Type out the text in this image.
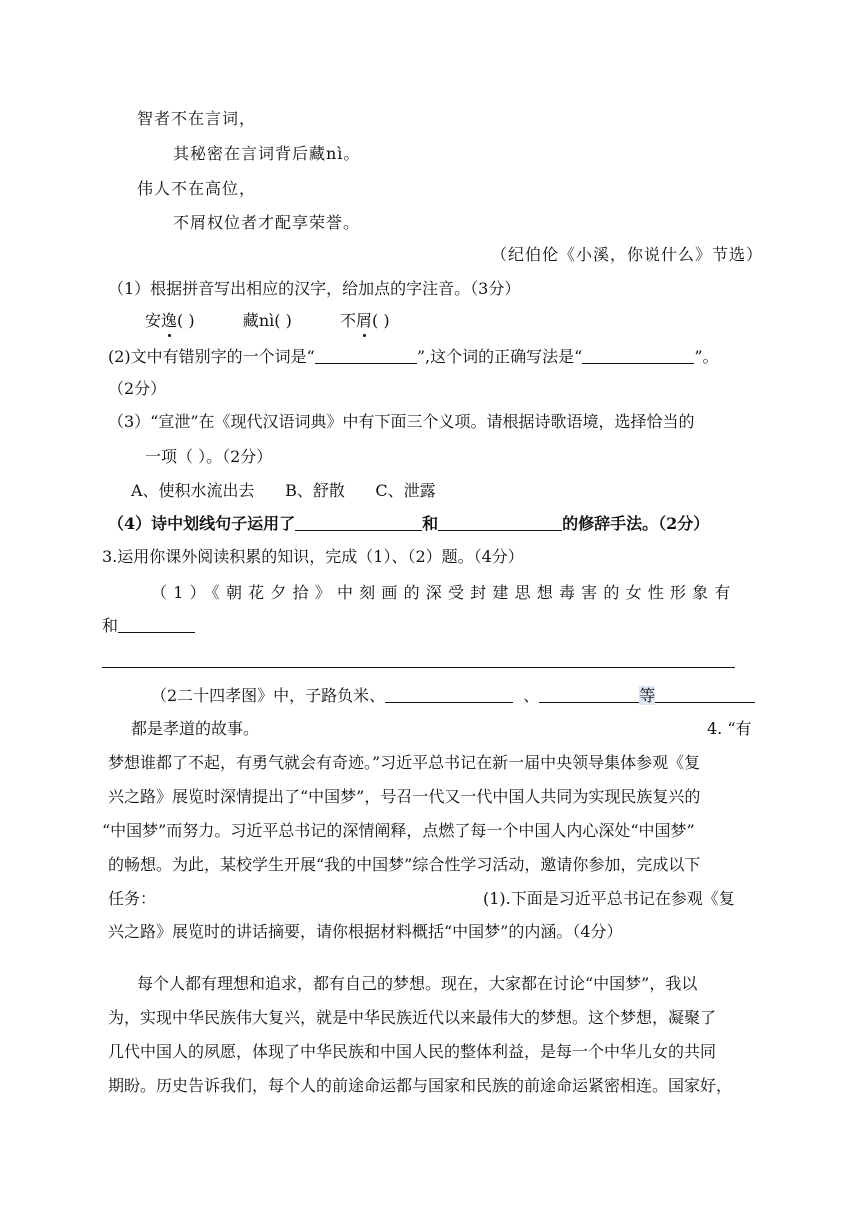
智者不在言词，
其秘密在言词背后藏nì。
伟人不在高位，
不屑权位者才配享荣誉。
（纪伯伦《小溪，你说什么》节选）
（1）根据拼音写出相应的汉字，给加点的字注音。（3分）
安逸( )	藏nì( )	不屑( )
(2)文中有错别字的一个词是“	”,这个词的正确写法是“	”。
（2分）
（3）“宣泄”在《现代汉语词典》中有下面三个义项。请根据诗歌语境，选择恰当的
一项（ ）。（2分）
A、使积水流出去      B、舒散      C、泄露
（4）诗中划线句子运用了	和	的修辞手法。（2分）
3.运用你课外阅读积累的知识，完成（1）、（2）题。（4分）
（1）《朝花夕拾》中刻画的深受封建思想毒害的女性形象有
和
（2二十四孝图》中，子路负米、	、	等
都是孝道的故事。	4. “有
梦想谁都了不起，有勇气就会有奇迹。”习近平总书记在新一届中央领导集体参观《复
兴之路》展览时深情提出了“中国梦”，号召一代又一代中国人共同为实现民族复兴的
“中国梦”而努力。习近平总书记的深情阐释，点燃了每一个中国人内心深处“中国梦”
的畅想。为此，某校学生开展“我的中国梦”综合性学习活动，邀请你参加，完成以下
任务：	(1).下面是习近平总书记在参观《复
兴之路》展览时的讲话摘要，请你根据材料概括“中国梦”的内涵。（4分）
每个人都有理想和追求，都有自己的梦想。现在，大家都在讨论“中国梦”，我以
为，实现中华民族伟大复兴，就是中华民族近代以来最伟大的梦想。这个梦想，凝聚了
几代中国人的夙愿，体现了中华民族和中国人民的整体利益，是每一个中华儿女的共同
期盼。历史告诉我们，每个人的前途命运都与国家和民族的前途命运紧密相连。国家好，
